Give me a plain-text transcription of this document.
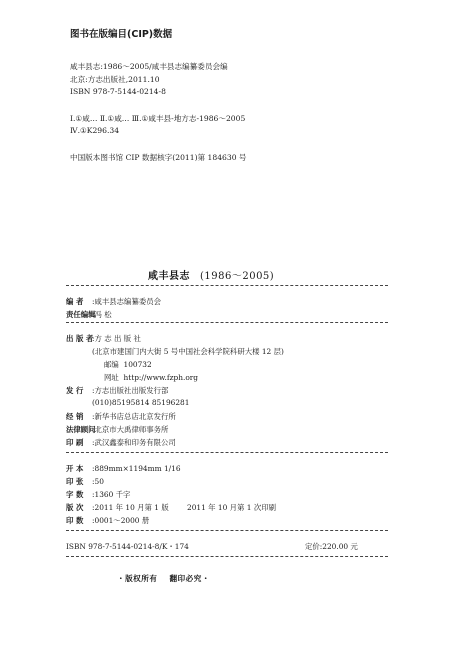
图书在版编目(CIP)数据
咸丰县志:1986～2005/咸丰县志编纂委员会编
北京:方志出版社,2011.10
ISBN 978-7-5144-0214-8
Ⅰ.①咸… Ⅱ.①咸… Ⅲ.①咸丰县-地方志-1986～2005
Ⅳ.①K296.34
中国版本图书馆 CIP 数据核字(2011)第 184630 号
咸丰县志 (1986～2005)
编 者 :咸丰县志编纂委员会
责任编辑:冯 松
出 版 者:方 志 出 版 社
(北京市建国门内大街 5 号中国社会科学院科研大楼 12 层)
邮编 100732
网址 http://www.fzph.org
发 行 :方志出版社出版发行部
(010)85195814 85196281
经 销 :新华书店总店北京发行所
法律顾问:北京市大禹律师事务所
印 刷 :武汉鑫泰和印务有限公司
开 本 :889mm×1194mm 1/16
印 张 :50
字 数 :1360 千字
版 次 :2011 年 10 月第 1 版 2011 年 10 月第 1 次印刷
印 数 :0001～2000 册
ISBN 978-7-5144-0214-8/K・174	定价:220.00 元
・版权所有 翻印必究・
